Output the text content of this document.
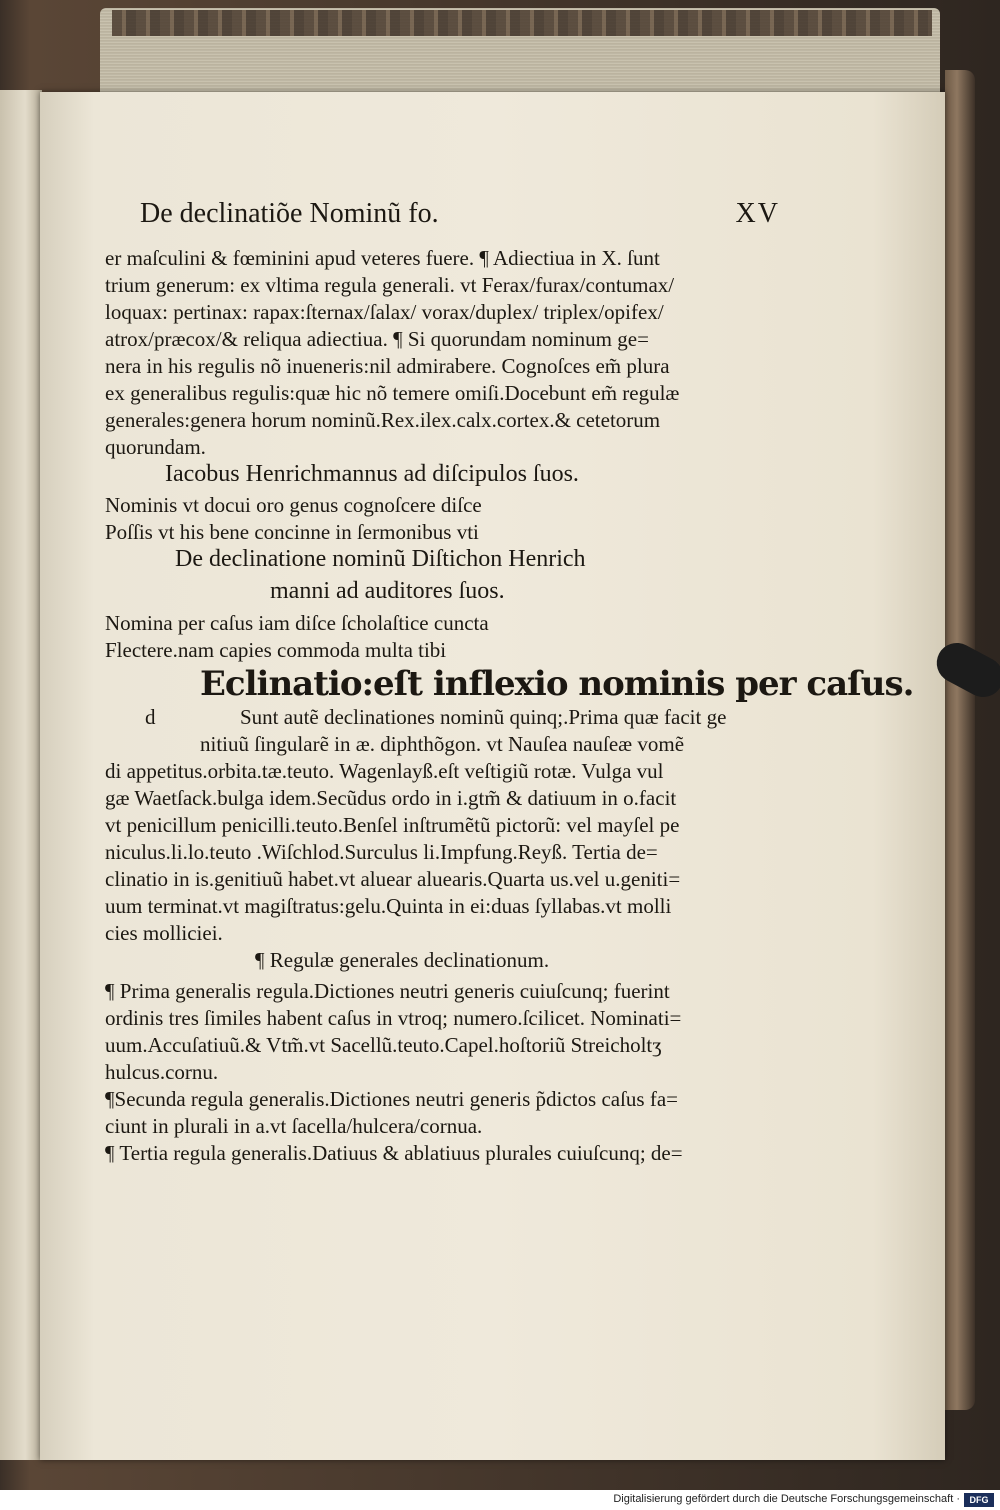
De declinatiõe Nominũ fo.	XV
er maſculini & fœminini apud veteres fuere. ¶ Adiectiua in X. ſunt
trium generum: ex vltima regula generali. vt Ferax/furax/contumax/
loquax: pertinax: rapax:ſternax/ſalax/ vorax/duplex/ triplex/opifex/
atrox/præcox/& reliqua adiectiua. ¶ Si quorundam nominum ge=
nera in his regulis nõ inueneris:nil admirabere. Cognoſces em̃ plura
ex generalibus regulis:quæ hic nõ temere omiſi.Docebunt em̃ regulæ
generales:genera horum nominũ.Rex.ilex.calx.cortex.& cetetorum
quorundam.
Iacobus Henrichmannus ad diſcipulos ſuos.
Nominis vt docui oro genus cognoſcere diſce
Poſſis vt his bene concinne in ſermonibus vti
De declinatione nominũ Diſtichon Henrich
manni ad auditores ſuos.
Nomina per caſus iam diſce ſcholaſtice cuncta
Flectere.nam capies commoda multa tibi
Eclinatio:eſt inflexio nominis per caſus.
d	Sunt autẽ declinationes nominũ quinq;.Prima quæ facit ge
nitiuũ ſingularẽ in æ. diphthõgon. vt Nauſea nauſeæ vomẽ
di appetitus.orbita.tæ.teuto. Wagenlayß.eſt veſtigiũ rotæ. Vulga vul
gæ Waetſack.bulga idem.Secũdus ordo in i.gtm̃ & datiuum in o.facit
vt penicillum penicilli.teuto.Benſel inſtrumẽtũ pictorũ: vel mayſel pe
niculus.li.lo.teuto .Wiſchlod.Surculus li.Impfung.Reyß. Tertia de=
clinatio in is.genitiuũ habet.vt aluear aluearis.Quarta us.vel u.geniti=
uum terminat.vt magiſtratus:gelu.Quinta in ei:duas ſyllabas.vt molli
cies molliciei.
¶ Regulæ generales declinationum.
¶ Prima generalis regula.Dictiones neutri generis cuiuſcunq; fuerint
ordinis tres ſimiles habent caſus in vtroq; numero.ſcilicet. Nominati=
uum.Accuſatiuũ.& Vtm̃.vt Sacellũ.teuto.Capel.hoſtoriũ Streicholtʒ
hulcus.cornu.
¶Secunda regula generalis.Dictiones neutri generis p̃dictos caſus fa=
ciunt in plurali in a.vt ſacella/hulcera/cornua.
¶ Tertia regula generalis.Datiuus & ablatiuus plurales cuiuſcunq; de=
Digitalisierung gefördert durch die Deutsche Forschungsgemeinschaft ·	DFG
